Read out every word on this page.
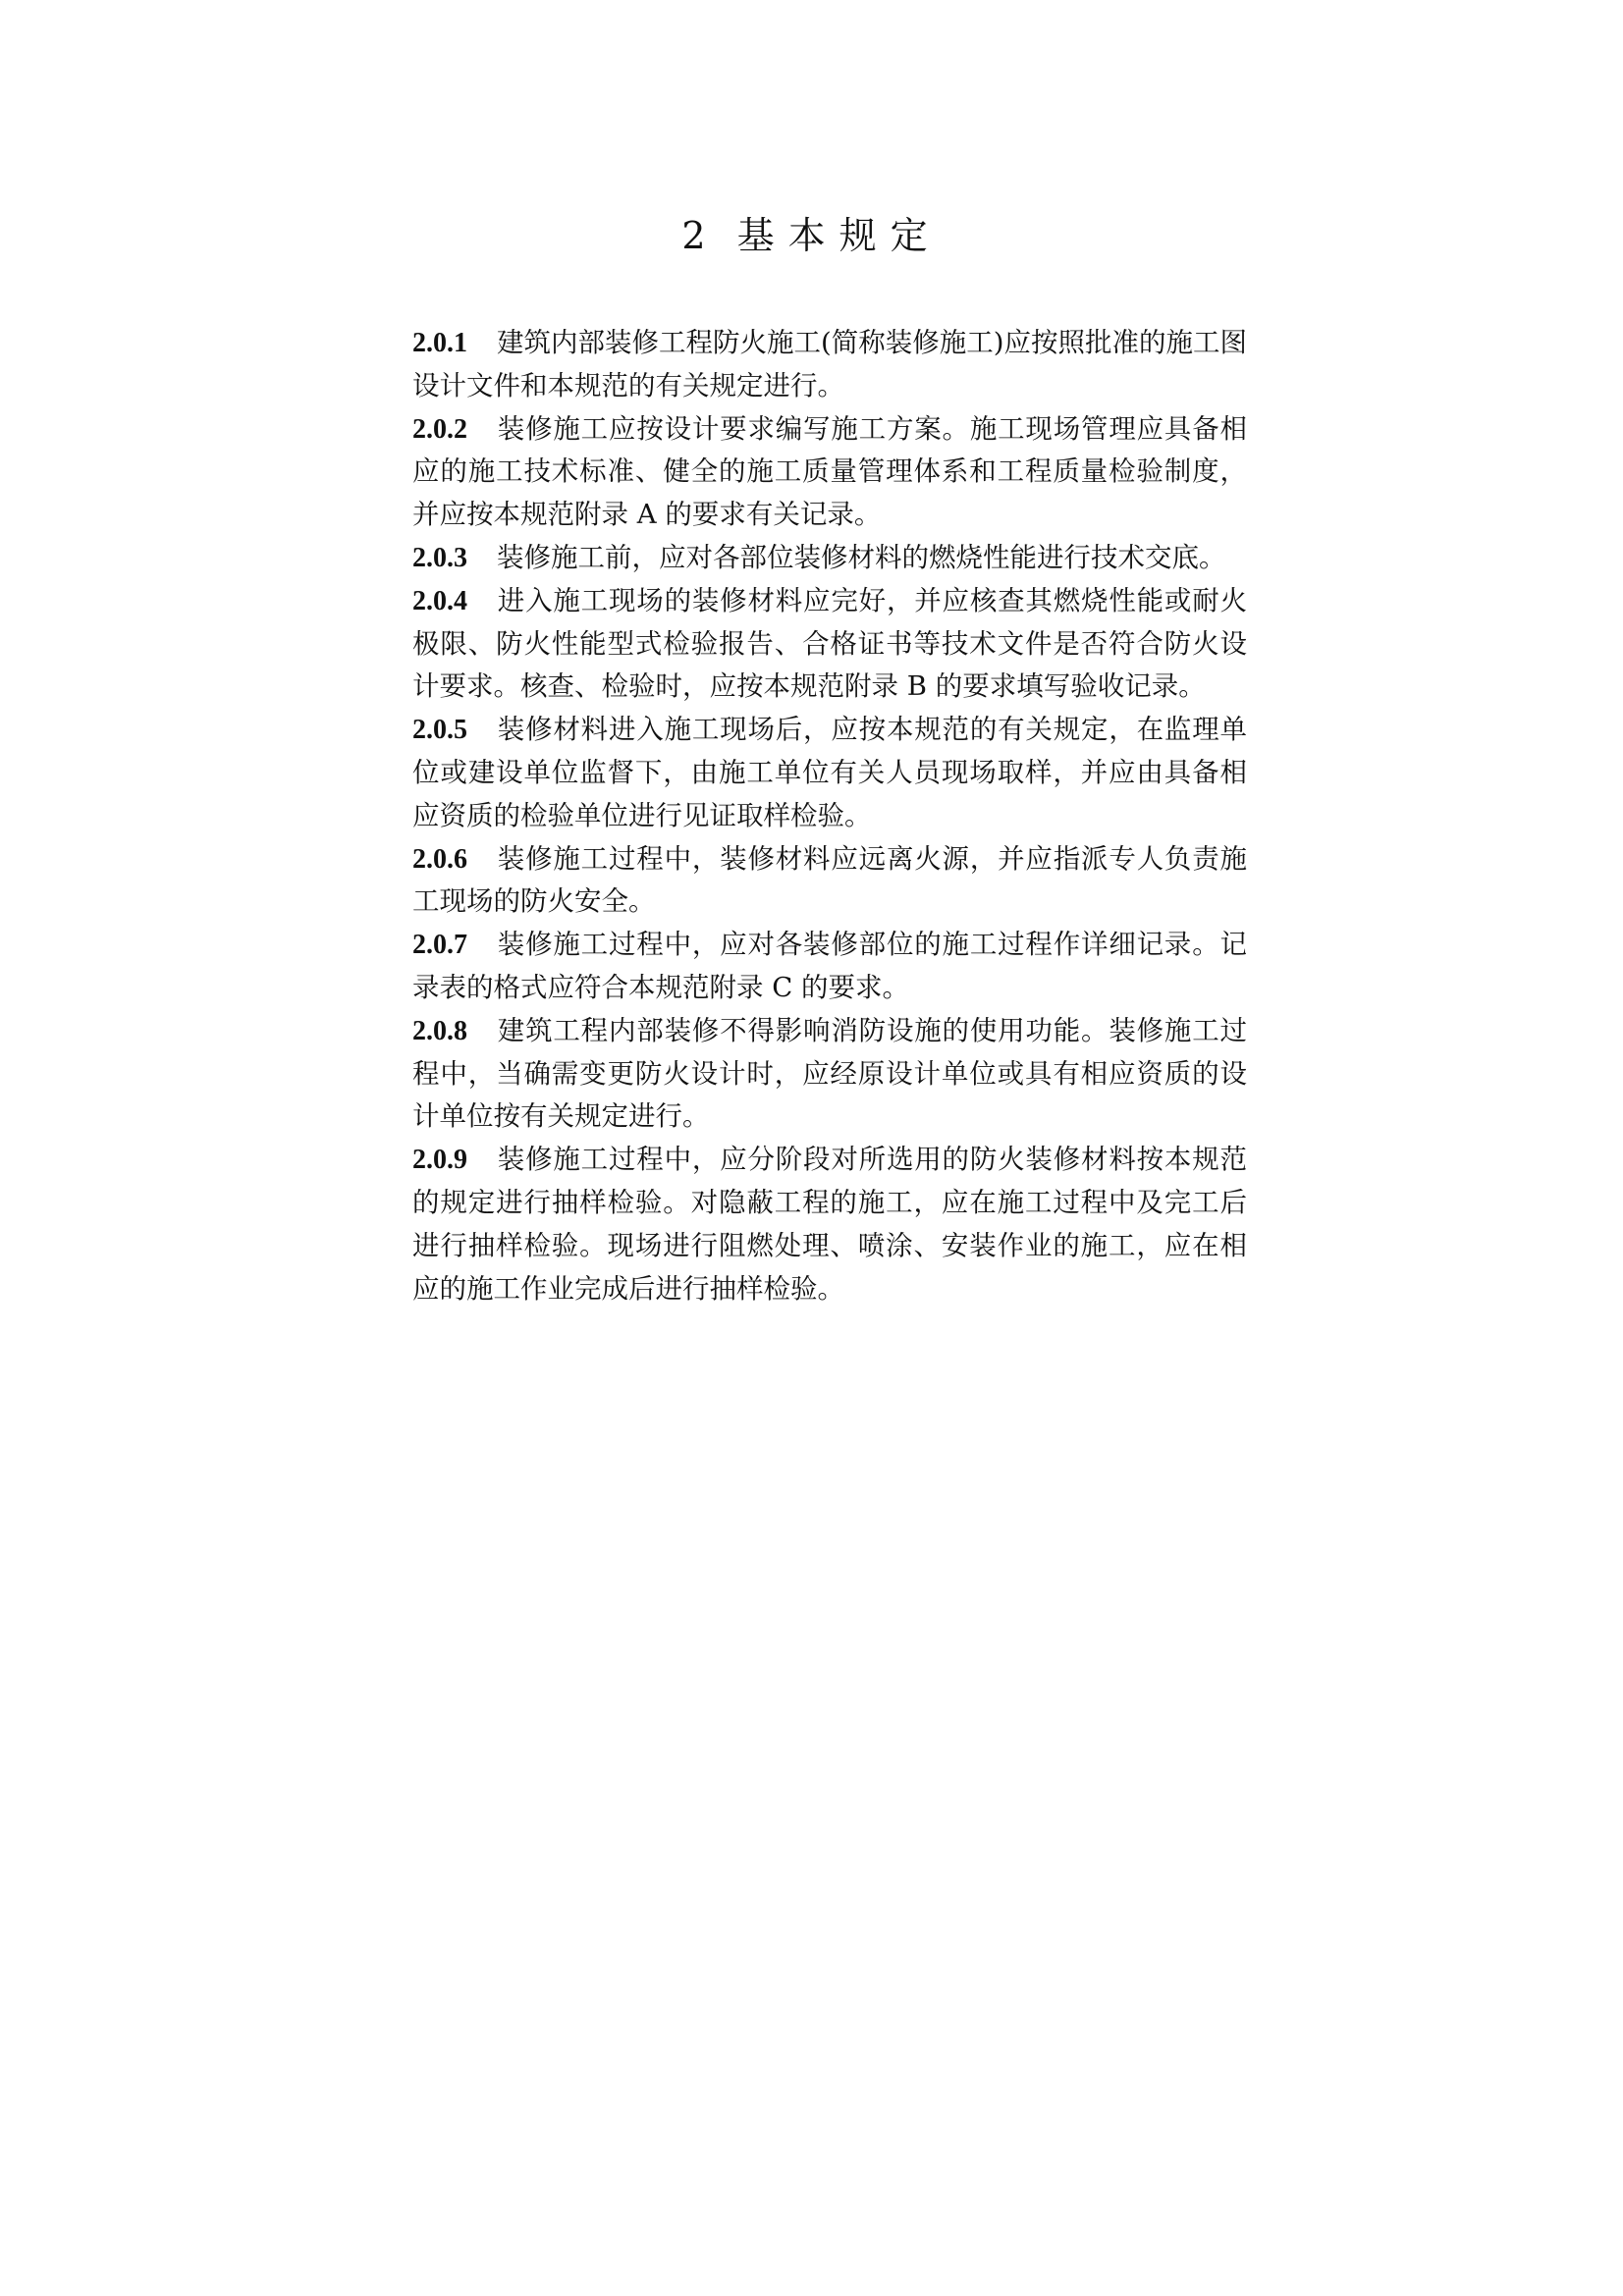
2 基本规定

2.0.1 建筑内部装修工程防火施工(简称装修施工)应按照批准的施工图设计文件和本规范的有关规定进行。

2.0.2 装修施工应按设计要求编写施工方案。施工现场管理应具备相应的施工技术标准、健全的施工质量管理体系和工程质量检验制度，并应按本规范附录 A 的要求有关记录。

2.0.3 装修施工前，应对各部位装修材料的燃烧性能进行技术交底。

2.0.4 进入施工现场的装修材料应完好，并应核查其燃烧性能或耐火极限、防火性能型式检验报告、合格证书等技术文件是否符合防火设计要求。核查、检验时，应按本规范附录 B 的要求填写验收记录。

2.0.5 装修材料进入施工现场后，应按本规范的有关规定，在监理单位或建设单位监督下，由施工单位有关人员现场取样，并应由具备相应资质的检验单位进行见证取样检验。

2.0.6 装修施工过程中，装修材料应远离火源，并应指派专人负责施工现场的防火安全。

2.0.7 装修施工过程中，应对各装修部位的施工过程作详细记录。记录表的格式应符合本规范附录 C 的要求。

2.0.8 建筑工程内部装修不得影响消防设施的使用功能。装修施工过程中，当确需变更防火设计时，应经原设计单位或具有相应资质的设计单位按有关规定进行。

2.0.9 装修施工过程中，应分阶段对所选用的防火装修材料按本规范的规定进行抽样检验。对隐蔽工程的施工，应在施工过程中及完工后进行抽样检验。现场进行阻燃处理、喷涂、安装作业的施工，应在相应的施工作业完成后进行抽样检验。
